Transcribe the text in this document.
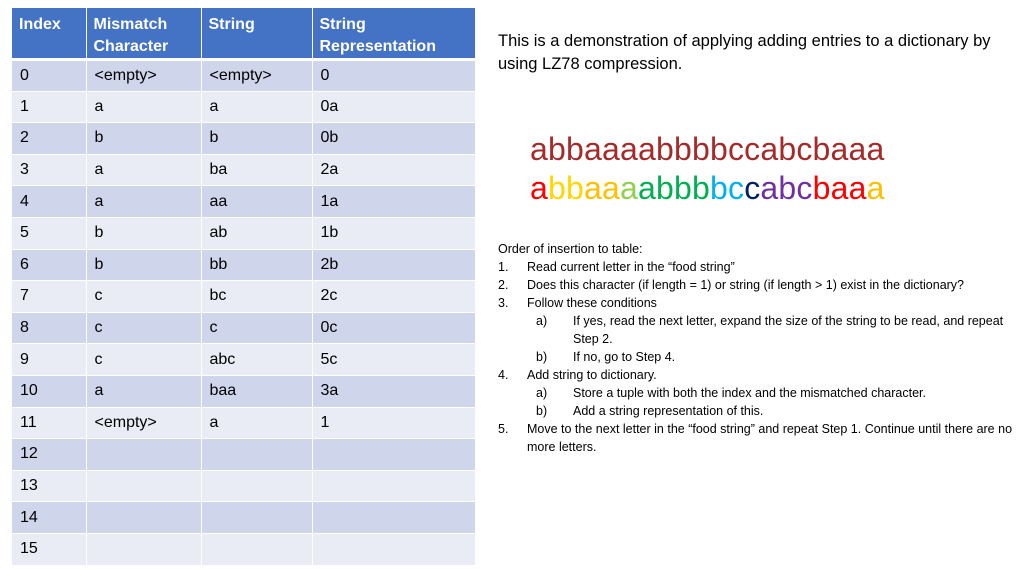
Index	Mismatch Character	String	String Representation
0	<empty>	<empty>	0
1	a	a	0a
2	b	b	0b
3	a	ba	2a
4	a	aa	1a
5	b	ab	1b
6	b	bb	2b
7	c	bc	2c
8	c	c	0c
9	c	abc	5c
10	a	baa	3a
11	<empty>	a	1
12			
13			
14			
15			

This is a demonstration of applying adding entries to a dictionary by using LZ78 compression.

abbaaaabbbbccabcbaaa

abbaaaabbbbccabcbaaa

Order of insertion to table:

1. Read current letter in the “food string”
2. Does this character (if length = 1) or string (if length > 1) exist in the dictionary?
3. Follow these conditions
a) If yes, read the next letter, expand the size of the string to be read, and repeat Step 2.
b) If no, go to Step 4.
4. Add string to dictionary.
a) Store a tuple with both the index and the mismatched character.
b) Add a string representation of this.
5. Move to the next letter in the “food string” and repeat Step 1. Continue until there are no more letters.
